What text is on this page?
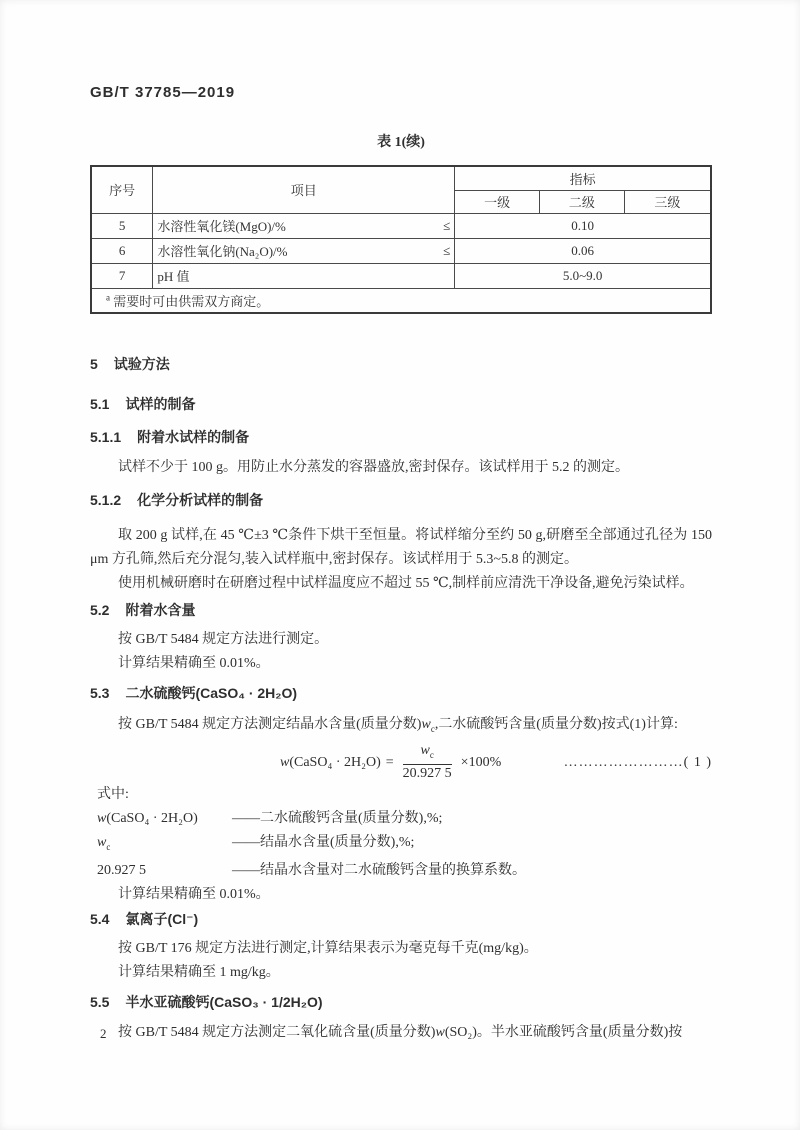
GB/T 37785—2019
表 1(续)
序号	项目	指标		
		一级	二级	三级
5	水溶性氧化镁(MgO)/% ≤	0.10		
6	水溶性氧化钠(Na₂O)/% ≤	0.06		
7	pH 值	5.0~9.0		
$^a$ 需要时可由供需双方商定。				
5 试验方法
5.1 试样的制备
5.1.1 附着水试样的制备

试样不少于 100 g。用防止水分蒸发的容器盛放,密封保存。该试样用于 5.2 的测定。

5.1.2 化学分析试样的制备

取 200 g 试样,在 45 ℃±3 ℃条件下烘干至恒量。将试样缩分至约 50 g,研磨至全部通过孔径为 150 μm 方孔筛,然后充分混匀,装入试样瓶中,密封保存。该试样用于 5.3~5.8 的测定。

使用机械研磨时在研磨过程中试样温度应不超过 55 ℃,制样前应清洗干净设备,避免污染试样。

5.2 附着水含量

按 GB/T 5484 规定方法进行测定。

计算结果精确至 0.01%。

5.3 二水硫酸钙(CaSO₄ · 2H₂O)

按 GB/T 5484 规定方法测定结晶水含量(质量分数)$w_c$,二水硫酸钙含量(质量分数)按式(1)计算:

w (CaSO₄ · $2H_2O) = \frac{w_c}{20.927 5} \times 100\%$	…………………… ( 1 )
式中:
w(CaSO₄ · 2H₂O)	—— 二水硫酸钙含量(质量分数),%;
$w_c$	—— 结晶水含量(质量分数),%;
20.927 5	—— 结晶水含量对二水硫酸钙含量的换算系数。

计算结果精确至 0.01%。

5.4 氯离子(Cl⁻)

按 GB/T 176 规定方法进行测定,计算结果表示为毫克每千克(mg/kg)。

计算结果精确至 1 mg/kg。

5.5 半水亚硫酸钙(CaSO₃ · 1/2H₂O)

按 GB/T 5484 规定方法测定二氧化硫含量(质量分数)w(SO₂)。半水亚硫酸钙含量(质量分数)按

2
